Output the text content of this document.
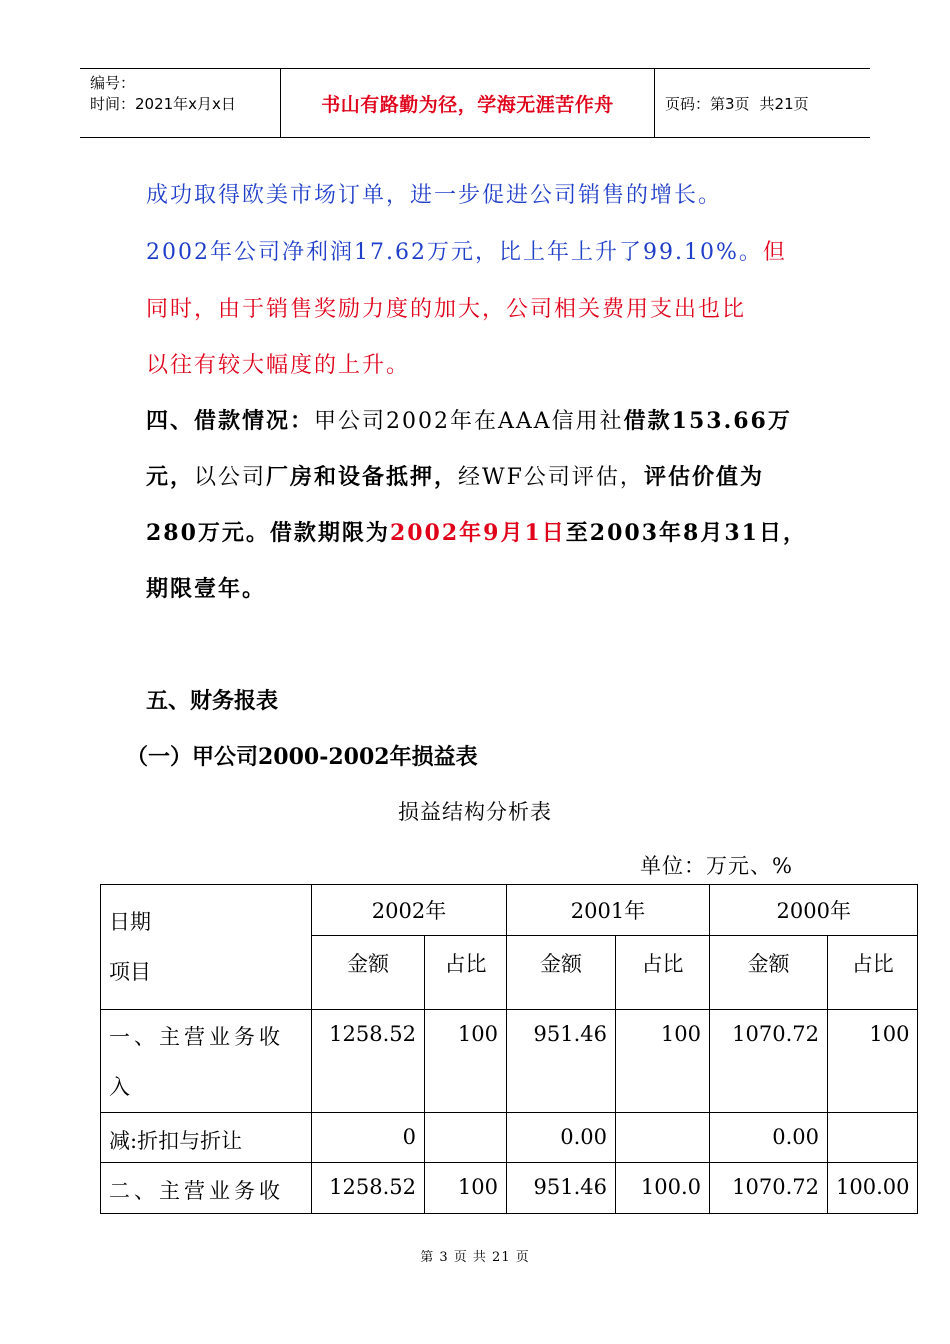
编号：
时间：2021年x月x日	书山有路勤为径，学海无涯苦作舟	页码：第3页 共21页
成功取得欧美市场订单，进一步促进公司销售的增长。
2002年公司净利润17.62万元，比上年上升了99.10%。但
同时，由于销售奖励力度的加大，公司相关费用支出也比
以往有较大幅度的上升。
四、借款情况：甲公司2002年在AAA信用社借款153.66万
元，以公司厂房和设备抵押，经WF公司评估，评估价值为
280万元。借款期限为2002年9月1日至2003年8月31日，
期限壹年。
五、财务报表
（一）甲公司2000-2002年损益表
损益结构分析表
单位：万元、%
日期
项目	2002年		2001年		2000年	
	金额	占比	金额	占比	金额	占比

一、主营业务收
入	1258.52	100	951.46	100	1070.72	100
减:折扣与折让	0		0.00		0.00	
二、主营业务收	1258.52	100	951.46	100.0	1070.72	100.00
第 3 页 共 21 页
